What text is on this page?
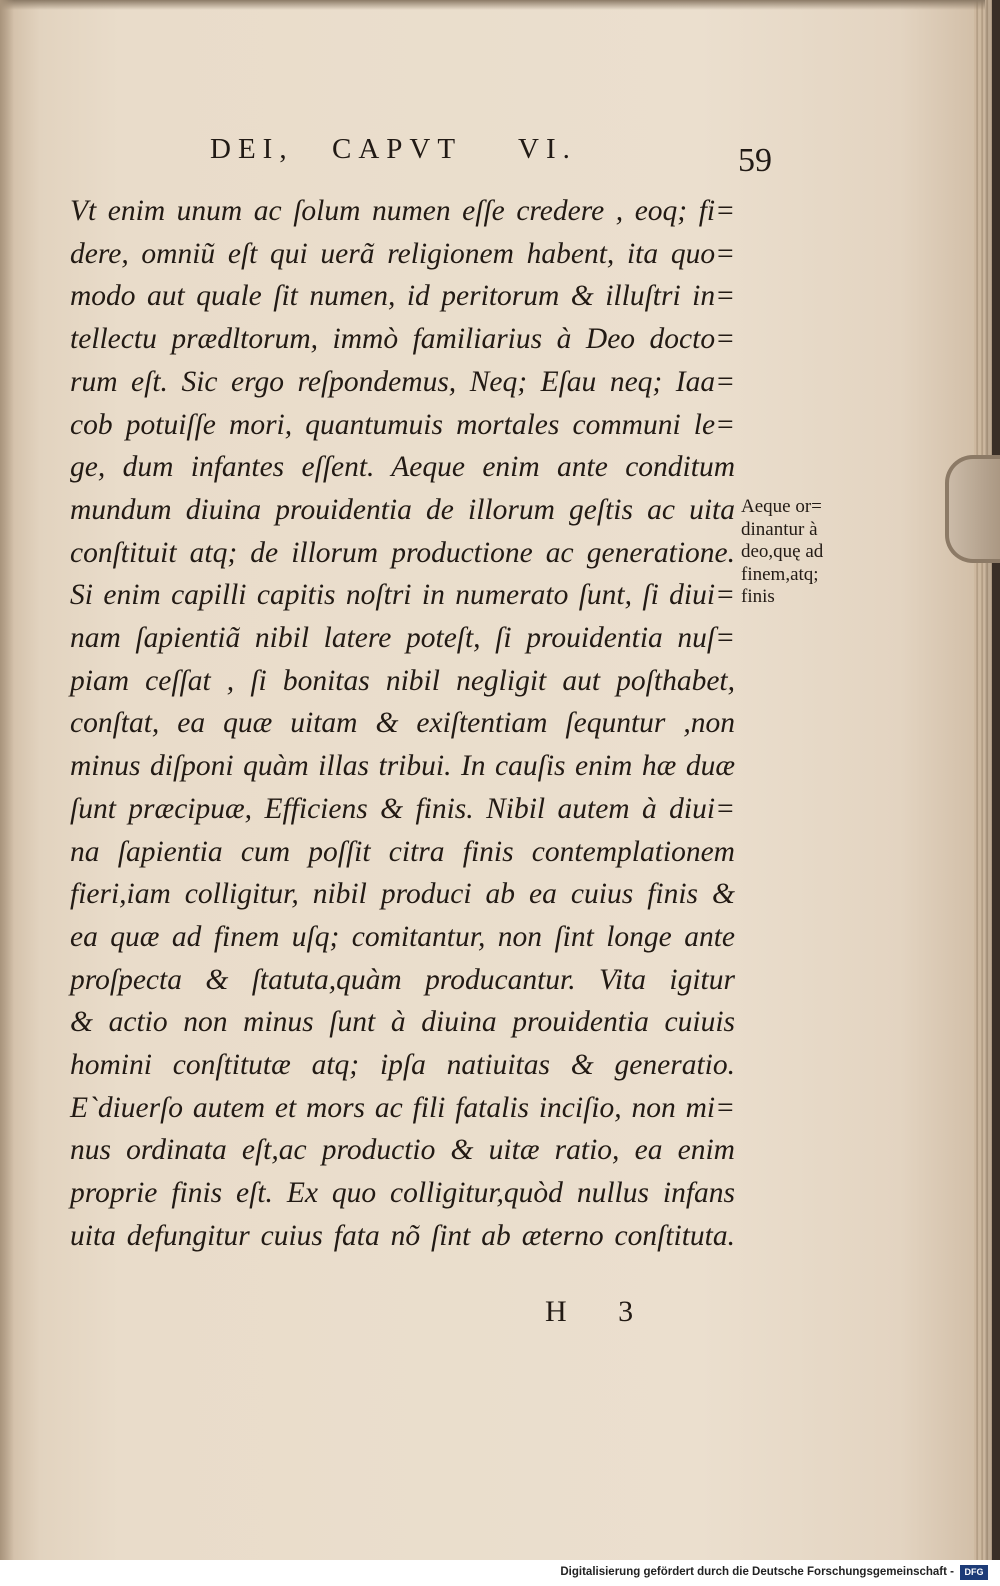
DEI, CAPVT VI.	59
Vt enim unum ac ſolum numen eſſe credere , eoq; fi=
dere, omniũ eſt qui uerã religionem habent, ita quo=
modo aut quale ſit numen, id peritorum & illuſtri in=
tellectu prædltorum, immò familiarius à Deo docto=
rum eſt. Sic ergo reſpondemus, Neq; Eſau neq; Iaa=
cob potuiſſe mori, quantumuis mortales communi le=
ge, dum infantes eſſent. Aeque enim ante conditum
mundum diuina prouidentia de illorum geſtis ac uita
conſtituit atq; de illorum productione ac generatione.
Si enim capilli capitis noſtri in numerato ſunt, ſi diui=
nam ſapientiã nibil latere poteſt, ſi prouidentia nuſ=
piam ceſſat , ſi bonitas nibil negligit aut poſthabet,
conſtat, ea quæ uitam & exiſtentiam ſequntur ,non
minus diſponi quàm illas tribui. In cauſis enim hæ duæ
ſunt præcipuæ, Efficiens & finis. Nibil autem à diui=
na ſapientia cum poſſit citra finis contemplationem
fieri,iam colligitur, nibil produci ab ea cuius finis &
ea quæ ad finem uſq; comitantur, non ſint longe ante
proſpecta & ſtatuta,quàm producantur. Vita igitur
& actio non minus ſunt à diuina prouidentia cuiuis
homini conſtitutæ atq; ipſa natiuitas & generatio.
E`diuerſo autem et mors ac fili fatalis inciſio, non mi=
nus ordinata eſt,ac productio & uitæ ratio, ea enim
proprie finis eſt. Ex quo colligitur,quòd nullus infans
uita defungitur cuius fata nõ ſint ab æterno conſtituta.
Aeque or=
dinantur à
deo,quę ad
finem,atq;
finis
H 3
Digitalisierung gefördert durch die Deutsche Forschungsgemeinschaft -	DFG
